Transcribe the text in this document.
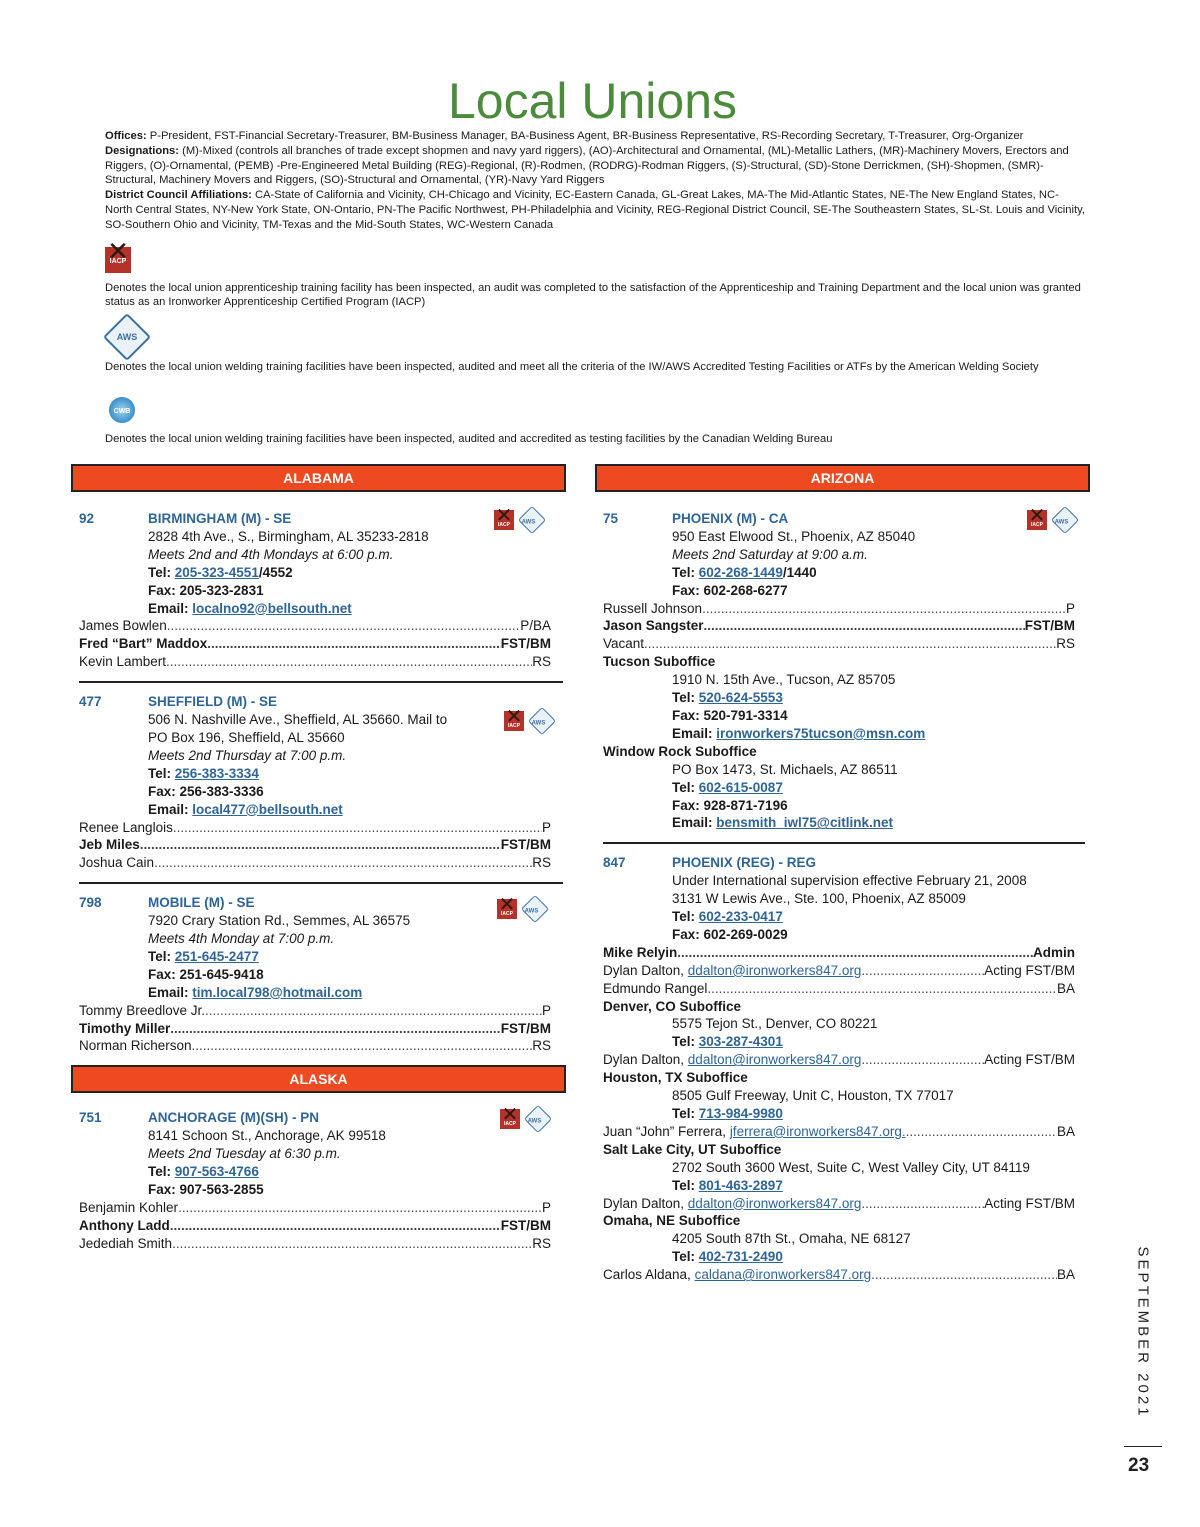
Local Unions
Offices: P-President, FST-Financial Secretary-Treasurer, BM-Business Manager, BA-Business Agent, BR-Business Representative, RS-Recording Secretary, T-Treasurer, Org-Organizer
Designations: (M)-Mixed (controls all branches of trade except shopmen and navy yard riggers), (AO)-Architectural and Ornamental, (ML)-Metallic Lathers, (MR)-Machinery Movers, Erectors and Riggers, (O)-Ornamental, (PEMB) -Pre-Engineered Metal Building (REG)-Regional, (R)-Rodmen, (RODRG)-Rodman Riggers, (S)-Structural, (SD)-Stone Derrickmen, (SH)-Shopmen, (SMR)-Structural, Machinery Movers and Riggers, (SO)-Structural and Ornamental, (YR)-Navy Yard Riggers
District Council Affiliations: CA-State of California and Vicinity, CH-Chicago and Vicinity, EC-Eastern Canada, GL-Great Lakes, MA-The Mid-Atlantic States, NE-The New England States, NC-North Central States, NY-New York State, ON-Ontario, PN-The Pacific Northwest, PH-Philadelphia and Vicinity, REG-Regional District Council, SE-The Southeastern States, SL-St. Louis and Vicinity, SO-Southern Ohio and Vicinity, TM-Texas and the Mid-South States, WC-Western Canada
✕ IACP
Denotes the local union apprenticeship training facility has been inspected, an audit was completed to the satisfaction of the Apprenticeship and Training Department and the local union was granted status as an Ironworker Apprenticeship Certified Program (IACP)
AWS
Denotes the local union welding training facilities have been inspected, audited and meet all the criteria of the IW/AWS Accredited Testing Facilities or ATFs by the American Welding Society
CWB
Denotes the local union welding training facilities have been inspected, audited and accredited as testing facilities by the Canadian Welding Bureau
ALABAMA
92	BIRMINGHAM (M) - SE	✕ IACP	AWS
2828 4th Ave., S., Birmingham, AL 35233-2818
Meets 2nd and 4th Mondays at 6:00 p.m.
Tel: 205-323-4551/4552
Fax: 205-323-2831
Email: localno92@bellsouth.net
James Bowlen .....	P/BA
Fred “Bart” Maddox .....	FST/BM
Kevin Lambert .....	RS
477	SHEFFIELD (M) - SE
✕ IACP	AWS
506 N. Nashville Ave., Sheffield, AL 35660. Mail to
PO Box 196, Sheffield, AL 35660
Meets 2nd Thursday at 7:00 p.m.
Tel: 256-383-3334
Fax: 256-383-3336
Email: local477@bellsouth.net
Renee Langlois .....	P
Jeb Miles .....	FST/BM
Joshua Cain .....	RS
798	MOBILE (M) - SE
✕ IACP	AWS
7920 Crary Station Rd., Semmes, AL 36575
Meets 4th Monday at 7:00 p.m.
Tel: 251-645-2477
Fax: 251-645-9418
Email: tim.local798@hotmail.com
Tommy Breedlove Jr. .....	P
Timothy Miller .....	FST/BM
Norman Richerson .....	RS
ALASKA
751	ANCHORAGE (M)(SH) - PN	✕ IACP	AWS
8141 Schoon St., Anchorage, AK 99518
Meets 2nd Tuesday at 6:30 p.m.
Tel: 907-563-4766
Fax: 907-563-2855
Benjamin Kohler .....	P
Anthony Ladd .....	FST/BM
Jedediah Smith .....	RS
ARIZONA
75	PHOENIX (M) - CA	✕ IACP	AWS
950 East Elwood St., Phoenix, AZ 85040
Meets 2nd Saturday at 9:00 a.m.
Tel: 602-268-1449/1440
Fax: 602-268-6277
Russell Johnson .....	P
Jason Sangster .....	FST/BM
Vacant .....	RS
Tucson Suboffice
1910 N. 15th Ave., Tucson, AZ 85705
Tel: 520-624-5553
Fax: 520-791-3314
Email: ironworkers75tucson@msn.com
Window Rock Suboffice
PO Box 1473, St. Michaels, AZ 86511
Tel: 602-615-0087
Fax: 928-871-7196
Email: bensmith_iwl75@citlink.net
847	PHOENIX (REG) - REG
Under International supervision effective February 21, 2008
3131 W Lewis Ave., Ste. 100, Phoenix, AZ 85009
Tel: 602-233-0417
Fax: 602-269-0029
Mike Relyin .....	Admin
Dylan Dalton, ddalton@ironworkers847.org .....	Acting FST/BM
Edmundo Rangel .....	BA
Denver, CO Suboffice
5575 Tejon St., Denver, CO 80221
Tel: 303-287-4301
Dylan Dalton, ddalton@ironworkers847.org .....	Acting FST/BM
Houston, TX Suboffice
8505 Gulf Freeway, Unit C, Houston, TX 77017
Tel: 713-984-9980
Juan “John” Ferrera, jferrera@ironworkers847.org. .....	BA
Salt Lake City, UT Suboffice
2702 South 3600 West, Suite C, West Valley City, UT 84119
Tel: 801-463-2897
Dylan Dalton, ddalton@ironworkers847.org .....	Acting FST/BM
Omaha, NE Suboffice
4205 South 87th St., Omaha, NE 68127
Tel: 402-731-2490
Carlos Aldana, caldana@ironworkers847.org .....	BA	SEPTEMBER 2021
23
